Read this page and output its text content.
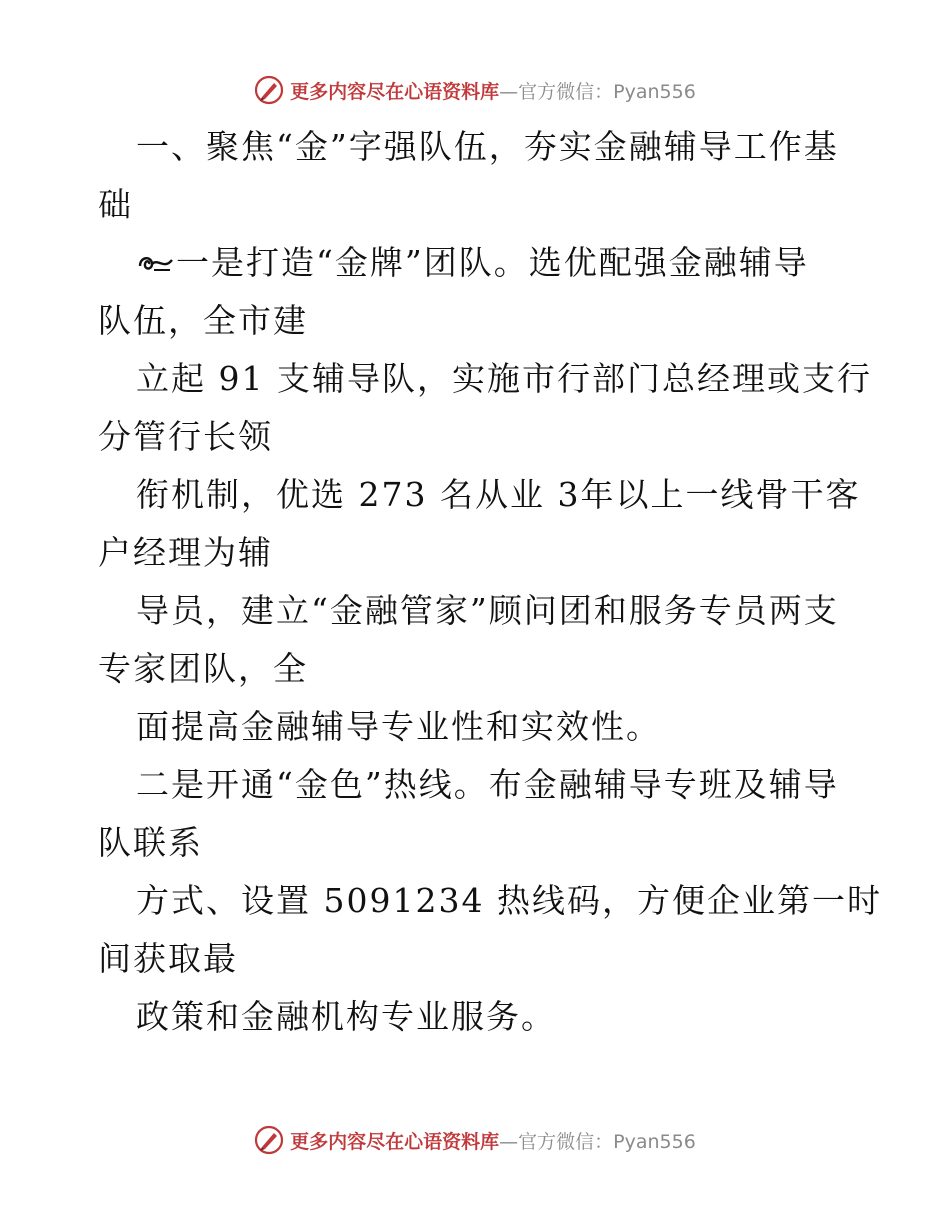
更多内容尽在心语资料库 —官方微信：Pyan556
一、聚焦“金”字强队伍，夯实金融辅导工作基
础
一是打造“金牌”团队。选优配强金融辅导
队伍，全市建
立起 91 支辅导队，实施市行部门总经理或支行
分管行长领
衔机制，优选 273 名从业 3年以上一线骨干客
户经理为辅
导员，建立“金融管家”顾问团和服务专员两支
专家团队，全
面提高金融辅导专业性和实效性。
二是开通“金色”热线。布金融辅导专班及辅导
队联系
方式、设置 5091234 热线码，方便企业第一时
间获取最
政策和金融机构专业服务。
更多内容尽在心语资料库 —官方微信：Pyan556
